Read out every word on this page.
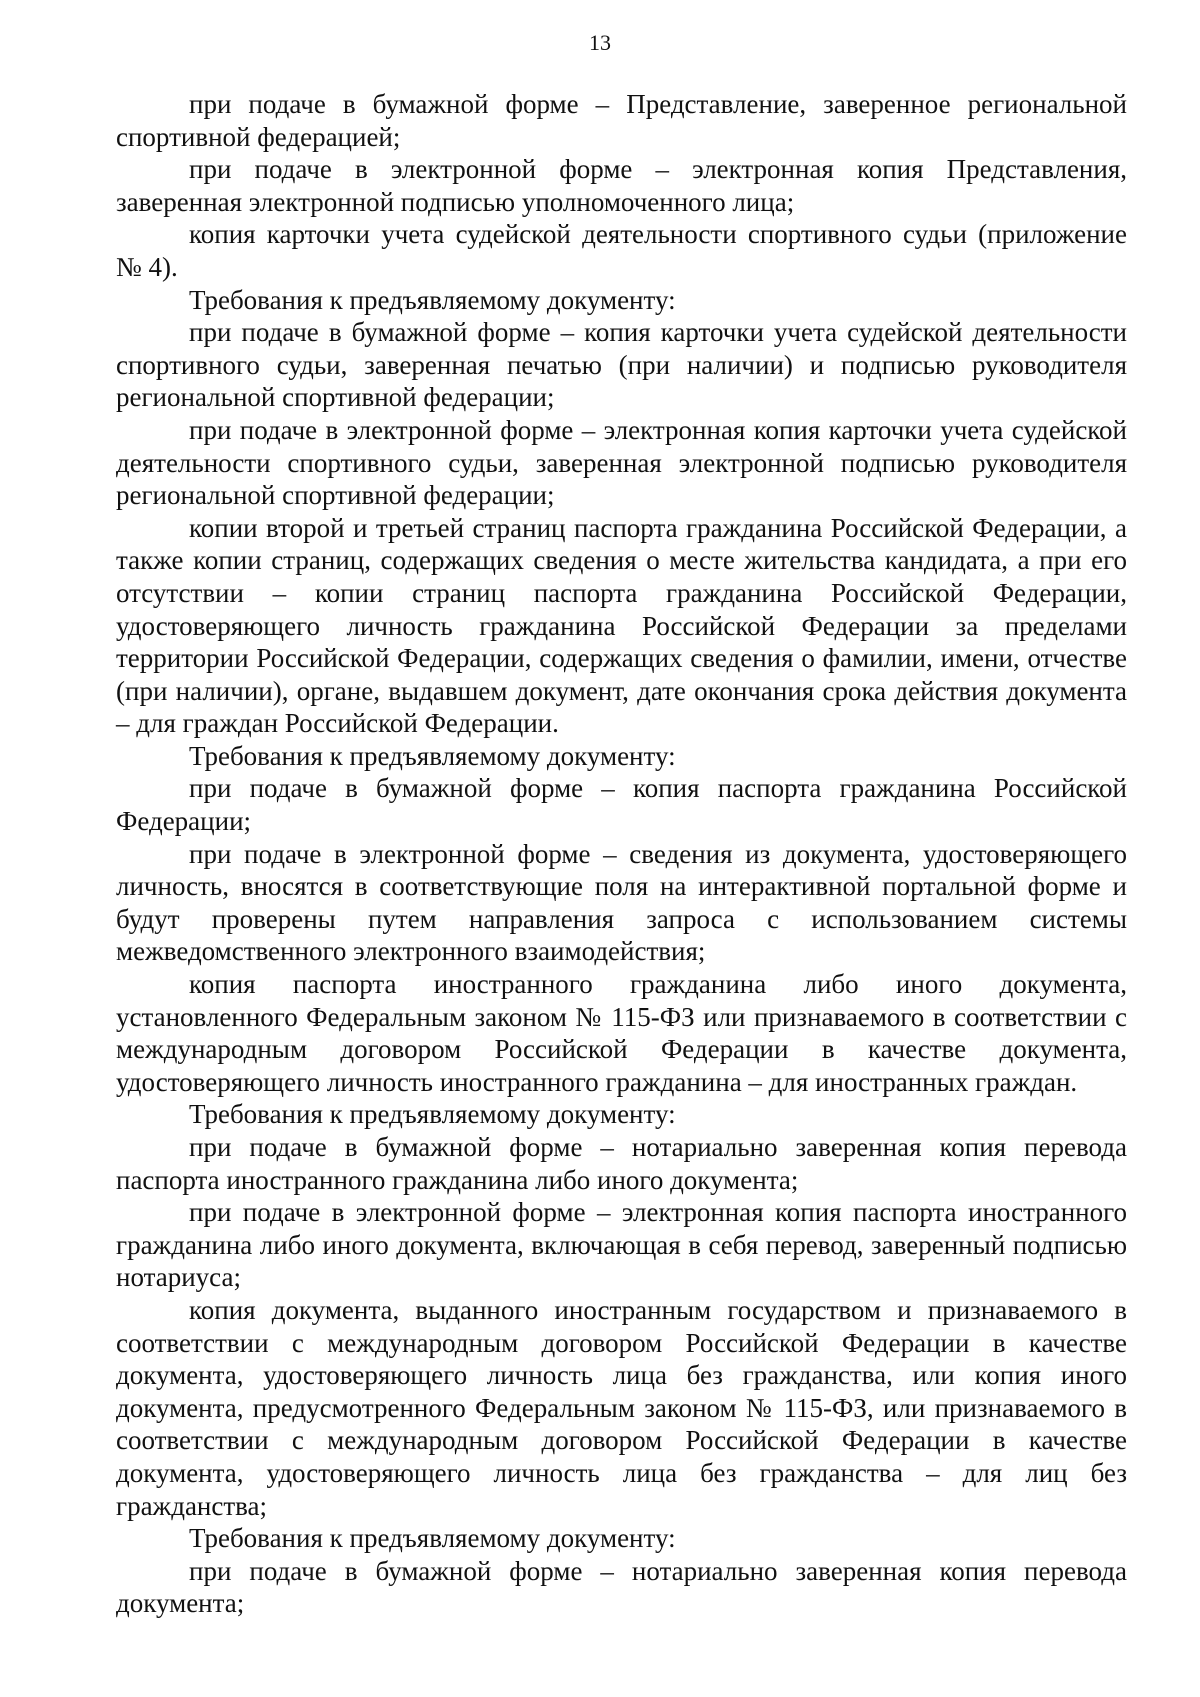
13

при подаче в бумажной форме – Представление, заверенное региональной спортивной федерацией;

при подаче в электронной форме – электронная копия Представления, заверенная электронной подписью уполномоченного лица;

копия карточки учета судейской деятельности спортивного судьи (приложение № 4).

Требования к предъявляемому документу:

при подаче в бумажной форме – копия карточки учета судейской деятельности спортивного судьи, заверенная печатью (при наличии) и подписью руководителя региональной спортивной федерации;

при подаче в электронной форме – электронная копия карточки учета судейской деятельности спортивного судьи, заверенная электронной подписью руководителя региональной спортивной федерации;

копии второй и третьей страниц паспорта гражданина Российской Федерации, а также копии страниц, содержащих сведения о месте жительства кандидата, а при его отсутствии – копии страниц паспорта гражданина Российской Федерации, удостоверяющего личность гражданина Российской Федерации за пределами территории Российской Федерации, содержащих сведения о фамилии, имени, отчестве (при наличии), органе, выдавшем документ, дате окончания срока действия документа – для граждан Российской Федерации.

Требования к предъявляемому документу:

при подаче в бумажной форме – копия паспорта гражданина Российской Федерации;

при подаче в электронной форме – сведения из документа, удостоверяющего личность, вносятся в соответствующие поля на интерактивной портальной форме и будут проверены путем направления запроса с использованием системы межведомственного электронного взаимодействия;

копия паспорта иностранного гражданина либо иного документа, установленного Федеральным законом № 115-ФЗ или признаваемого в соответствии с международным договором Российской Федерации в качестве документа, удостоверяющего личность иностранного гражданина – для иностранных граждан.

Требования к предъявляемому документу:

при подаче в бумажной форме – нотариально заверенная копия перевода паспорта иностранного гражданина либо иного документа;

при подаче в электронной форме – электронная копия паспорта иностранного гражданина либо иного документа, включающая в себя перевод, заверенный подписью нотариуса;

копия документа, выданного иностранным государством и признаваемого в соответствии с международным договором Российской Федерации в качестве документа, удостоверяющего личность лица без гражданства, или копия иного документа, предусмотренного Федеральным законом № 115-ФЗ, или признаваемого в соответствии с международным договором Российской Федерации в качестве документа, удостоверяющего личность лица без гражданства – для лиц без гражданства;

Требования к предъявляемому документу:

при подаче в бумажной форме – нотариально заверенная копия перевода документа;
